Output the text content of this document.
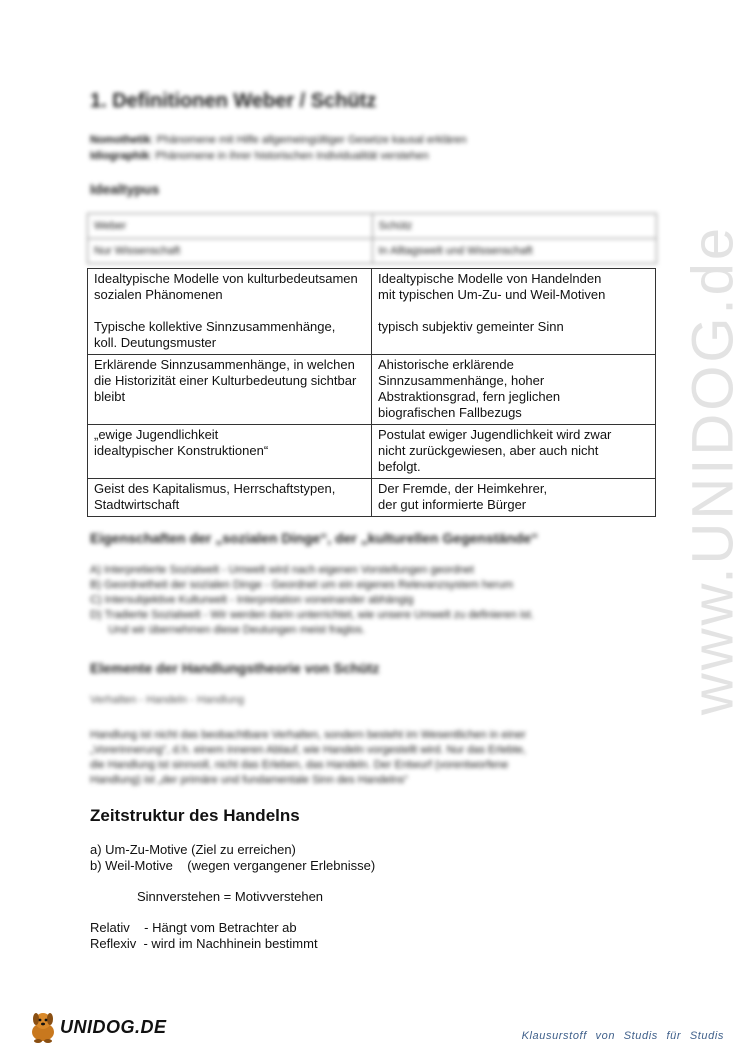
www.UNIDOG.de
1. Definitionen Weber / Schütz
Nomothetik: Phänomene mit Hilfe allgemeingültiger Gesetze kausal erklären
Idiographik: Phänomene in ihrer historischen Individualität verstehen
Idealtypus
Weber	Schütz
Nur Wissenschaft	In Alltagswelt und Wissenschaft
Idealtypische Modelle von kulturbedeutsamen
sozialen Phänomenen
Typische kollektive Sinnzusammenhänge,
koll. Deutungsmuster	Idealtypische Modelle von Handelnden
mit typischen Um-Zu- und Weil-Motiven
typisch subjektiv gemeinter Sinn

Erklärende Sinnzusammenhänge, in welchen
die Historizität einer Kulturbedeutung sichtbar
bleibt	Ahistorische erklärende
Sinnzusammenhänge, hoher
Abstraktionsgrad, fern jeglichen
biografischen Fallbezugs

„ewige Jugendlichkeit
idealtypischer Konstruktionen“	Postulat ewiger Jugendlichkeit wird zwar
nicht zurückgewiesen, aber auch nicht
befolgt.

Geist des Kapitalismus, Herrschaftstypen,
Stadtwirtschaft	Der Fremde, der Heimkehrer,
der gut informierte Bürger
Eigenschaften der „sozialen Dinge“, der „kulturellen Gegenstände“
A) Interpretierte Sozialwelt - Umwelt wird nach eigenen Vorstellungen geordnet
B) Geordnetheit der sozialen Dinge - Geordnet um ein eigenes Relevanzsystem herum
C) Intersubjektive Kulturwelt - Interpretation voneinander abhängig
D) Tradierte Sozialwelt - Wir werden darin unterrichtet, wie unsere Umwelt zu definieren ist.
Und wir übernehmen diese Deutungen meist fraglos.
Elemente der Handlungstheorie von Schütz
Verhalten - Handeln - Handlung
Handlung ist nicht das beobachtbare Verhalten, sondern besteht im Wesentlichen in einer
„Vorerinnerung“, d.h. einem inneren Ablauf, wie Handeln vorgestellt wird. Nur das Erlebte,
die Handlung ist sinnvoll, nicht das Erleben, das Handeln. Der Entwurf (vorentworfene
Handlung) ist „der primäre und fundamentale Sinn des Handelns“
Zeitstruktur des Handelns
a) Um-Zu-Motive (Ziel zu erreichen)
b) Weil-Motive    (wegen vergangener Erlebnisse)
Sinnverstehen = Motivverstehen
Relativ    - Hängt vom Betrachter ab
Reflexiv  - wird im Nachhinein bestimmt
UNIDOG.DE	Klausurstoff von Studis für Studis
